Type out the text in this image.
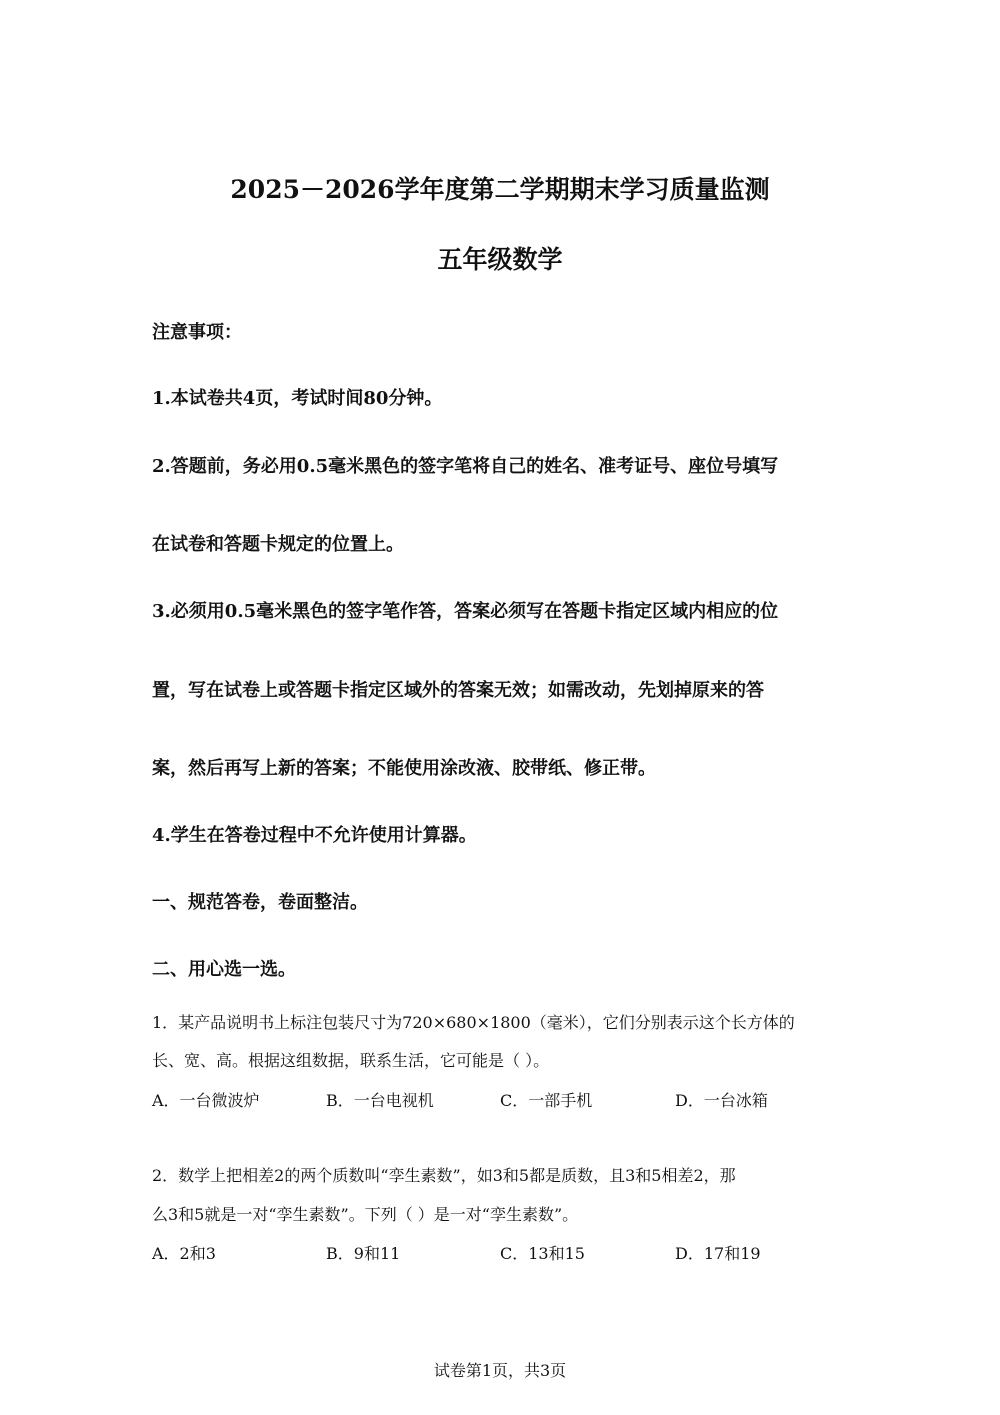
2025－2026学年度第二学期期末学习质量监测
五年级数学
注意事项：
1.本试卷共4页，考试时间80分钟。
2.答题前，务必用0.5毫米黑色的签字笔将自己的姓名、准考证号、座位号填写
在试卷和答题卡规定的位置上。
3.必须用0.5毫米黑色的签字笔作答，答案必须写在答题卡指定区域内相应的位
置，写在试卷上或答题卡指定区域外的答案无效；如需改动，先划掉原来的答
案，然后再写上新的答案；不能使用涂改液、胶带纸、修正带。
4.学生在答卷过程中不允许使用计算器。
一、规范答卷，卷面整洁。
二、用心选一选。
1．某产品说明书上标注包装尺寸为720×680×1800（毫米），它们分别表示这个长方体的
长、宽、高。根据这组数据，联系生活，它可能是（ ）。
A．一台微波炉	B．一台电视机	C．一部手机	D．一台冰箱
2．数学上把相差2的两个质数叫“孪生素数”，如3和5都是质数，且3和5相差2，那
么3和5就是一对“孪生素数”。下列（ ）是一对“孪生素数”。
A．2和3	B．9和11	C．13和15	D．17和19
试卷第1页，共3页
